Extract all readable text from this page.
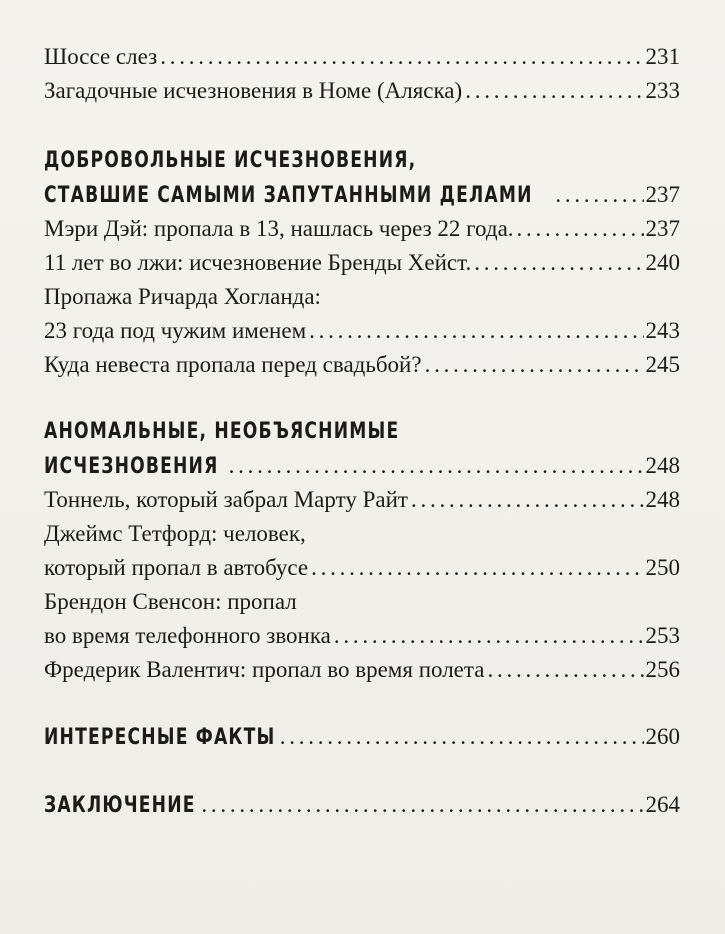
Шоссе слез . . .	231
Загадочные исчезновения в Номе (Аляска) . . .	233
ДОБРОВОЛЬНЫЕ ИСЧЕЗНОВЕНИЯ,
СТАВШИЕ САМЫМИ ЗАПУТАННЫМИ ДЕЛАМИ . . .	237
Мэри Дэй: пропала в 13, нашлась через 22 года. . . .	237
11 лет во лжи: исчезновение Бренды Хейст. . . .	240
Пропажа Ричарда Хогланда:
23 года под чужим именем . . .	243
Куда невеста пропала перед свадьбой? . . .	245
АНОМАЛЬНЫЕ, НЕОБЪЯСНИМЫЕ
ИСЧЕЗНОВЕНИЯ . . .	248
Тоннель, который забрал Марту Райт . . .	248
Джеймс Тетфорд: человек,
который пропал в автобусе . . .	250
Брендон Свенсон: пропал
во время телефонного звонка . . .	253
Фредерик Валентич: пропал во время полета . . .	256
ИНТЕРЕСНЫЕ ФАКТЫ . . .	260
ЗАКЛЮЧЕНИЕ . . .	264
